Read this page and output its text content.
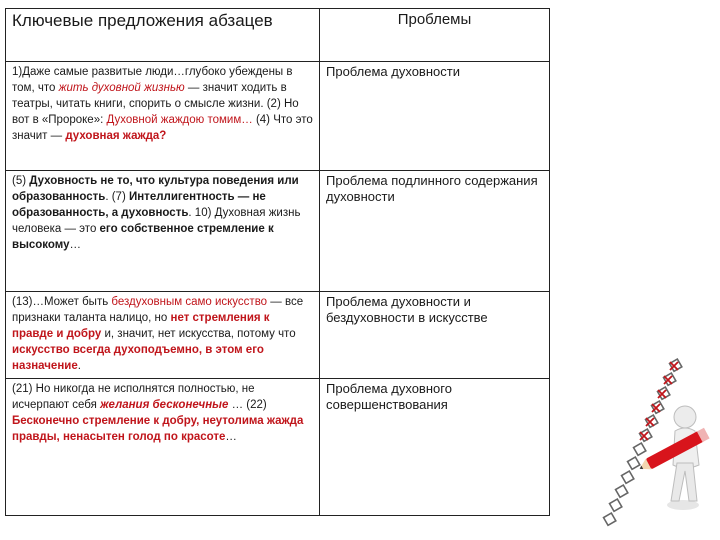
Ключевые предложения абзацев	Проблемы
1)Даже самые развитые люди…глубоко убеждены в том, что жить духовной жизнью — значит ходить в театры, читать книги, спорить о смысле жизни. (2) Но вот в «Пророке»: Духовной жаждою томим… (4) Что это значит — духовная жажда?	Проблема духовности
(5) Духовность не то, что культура поведения или образованность. (7) Интеллигентность — не образованность, а духовность. 10) Духовная жизнь человека — это его собственное стремление к высокому…	Проблема подлинного содержания духовности
(13)…Может быть бездуховным само искусство — все признаки таланта налицо, но нет стремления к правде и добру и, значит, нет искусства, потому что искусство всегда духоподъемно, в этом его назначение.	Проблема духовности и бездуховности в искусстве
(21) Но никогда не исполнятся полностью, не исчерпают себя желания бесконечные … (22) Бесконечно стремление к добру, неутолима жажда правды, ненасытен голод по красоте…	Проблема духовного совершенствования
